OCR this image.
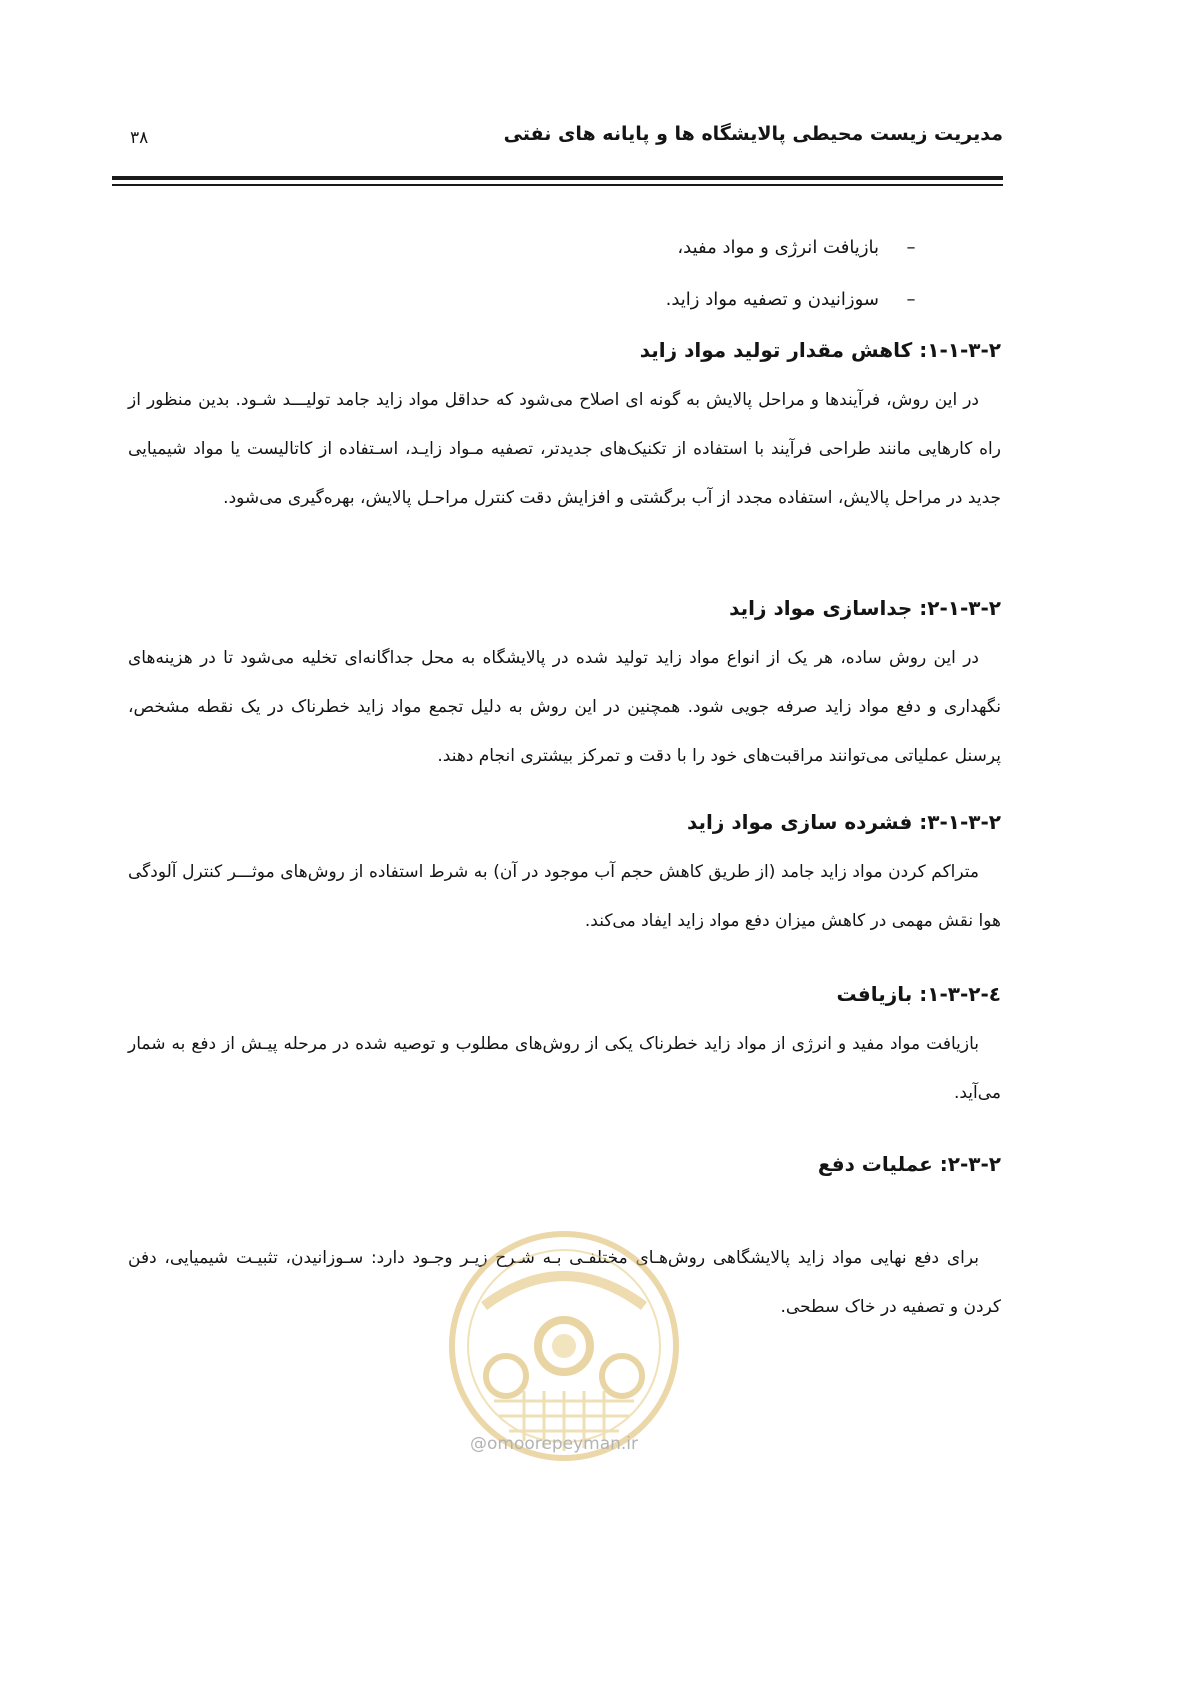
مدیریت زیست محیطی پالایشگاه ها و پایانه های نفتی
۳۸
–بازیافت انرژی و مواد مفید،
–سوزانیدن و تصفیه مواد زاید.
۱-۱-۳-۲: کاهش مقدار تولید مواد زاید

در این روش، فرآیندها و مراحل پالایش به گونه ای اصلاح می‌شود که حداقل مواد زاید جامد تولیـــد شـود. بدین منظور از راه کارهایی مانند طراحی فرآیند با استفاده از تکنیک‌های جدیدتر، تصفیه مـواد زایـد، اسـتفاده از کاتالیست یا مواد شیمیایی جدید در مراحل پالایش، استفاده مجدد از آب برگشتی و افزایش دقت کنترل مراحـل پالایش، بهره‌گیری می‌شود.

۲-۱-۳-۲: جداسازی مواد زاید

در این روش ساده، هر یک از انواع مواد زاید تولید شده در پالایشگاه به محل جداگانه‌ای تخلیه می‌شود تا در هزینه‌های نگهداری و دفع مواد زاید صرفه جویی شود. همچنین در این روش به دلیل تجمع مواد زاید خطرناک در یک نقطه مشخص، پرسنل عملیاتی می‌توانند مراقبت‌های خود را با دقت و تمرکز بیشتری انجام دهند.

۳-۱-۳-۲: فشرده سازی مواد زاید

متراکم کردن مواد زاید جامد (از طریق کاهش حجم آب موجود در آن) به شرط استفاده از روش‌های موثـــر کنترل آلودگی هوا نقش مهمی در کاهش میزان دفع مواد زاید ایفاد می‌کند.

٤-۱-۳-۲: بازیافت

بازیافت مواد مفید و انرژی از مواد زاید خطرناک یکی از روش‌های مطلوب و توصیه شده در مرحله پیـش از دفع به شمار می‌آید.

۲-۳-۲: عملیات دفع

برای دفع نهایی مواد زاید پالایشگاهی روش‌هـای مختلفـی بـه شـرح زیـر وجـود دارد: سـوزانیدن، تثبیـت شیمیایی، دفن کردن و تصفیه در خاک سطحی.

@omoorepeyman.ir
